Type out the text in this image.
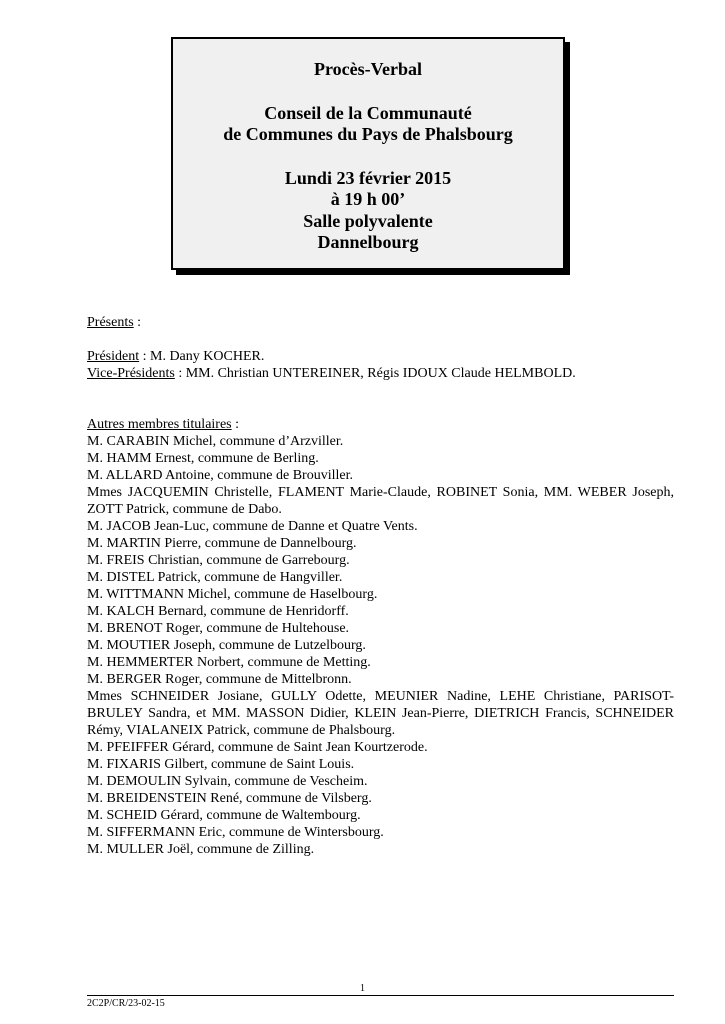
Procès-Verbal

Conseil de la Communauté

de Communes du Pays de Phalsbourg

Lundi 23 février 2015

à 19 h 00’

Salle polyvalente

Dannelbourg

Présents :

Président : M. Dany KOCHER.

Vice-Présidents : MM. Christian UNTEREINER, Régis IDOUX Claude HELMBOLD.

Autres membres titulaires :

M. CARABIN Michel, commune d’Arzviller.

M. HAMM Ernest, commune de Berling.

M. ALLARD Antoine, commune de Brouviller.

Mmes JACQUEMIN Christelle, FLAMENT Marie-Claude, ROBINET Sonia, MM. WEBER Joseph, ZOTT Patrick, commune de Dabo.

M. JACOB Jean-Luc, commune de Danne et Quatre Vents.

M. MARTIN Pierre, commune de Dannelbourg.

M. FREIS Christian, commune de Garrebourg.

M. DISTEL Patrick, commune de Hangviller.

M. WITTMANN Michel, commune de Haselbourg.

M. KALCH Bernard, commune de Henridorff.

M. BRENOT Roger, commune de Hultehouse.

M. MOUTIER Joseph, commune de Lutzelbourg.

M. HEMMERTER Norbert, commune de Metting.

M. BERGER Roger, commune de Mittelbronn.

Mmes SCHNEIDER Josiane, GULLY Odette, MEUNIER Nadine, LEHE Christiane, PARISOT-BRULEY Sandra, et MM. MASSON Didier, KLEIN Jean-Pierre, DIETRICH Francis, SCHNEIDER Rémy, VIALANEIX Patrick, commune de Phalsbourg.

M. PFEIFFER Gérard, commune de Saint Jean Kourtzerode.

M. FIXARIS Gilbert, commune de Saint Louis.

M. DEMOULIN Sylvain, commune de Vescheim.

M. BREIDENSTEIN René, commune de Vilsberg.

M. SCHEID Gérard, commune de Waltembourg.

M. SIFFERMANN Eric, commune de Wintersbourg.

M. MULLER Joël, commune de Zilling.

1
2C2P/CR/23-02-15
